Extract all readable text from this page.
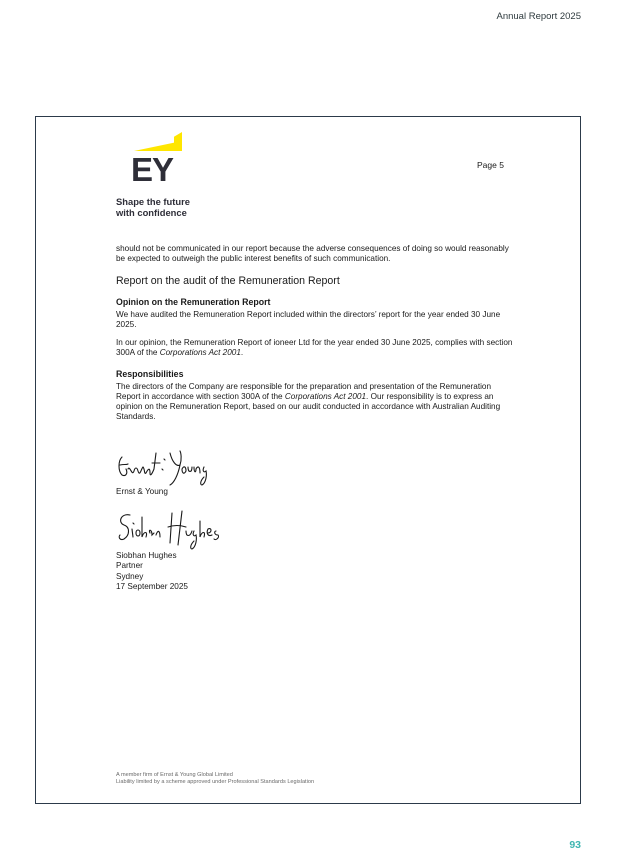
Annual Report 2025
EY
Shape the future
with confidence
Page 5

should not be communicated in our report because the adverse consequences of doing so would reasonably be expected to outweigh the public interest benefits of such communication.

Report on the audit of the Remuneration Report
Opinion on the Remuneration Report

We have audited the Remuneration Report included within the directors’ report for the year ended 30 June 2025.

In our opinion, the Remuneration Report of ioneer Ltd for the year ended 30 June 2025, complies with section 300A of the Corporations Act 2001.

Responsibilities

The directors of the Company are responsible for the preparation and presentation of the Remuneration Report in accordance with section 300A of the Corporations Act 2001. Our responsibility is to express an opinion on the Remuneration Report, based on our audit conducted in accordance with Australian Auditing Standards.

Ernst & Young
Siobhan Hughes
Partner
Sydney
17 September 2025
A member firm of Ernst & Young Global Limited
Liability limited by a scheme approved under Professional Standards Legislation
93
